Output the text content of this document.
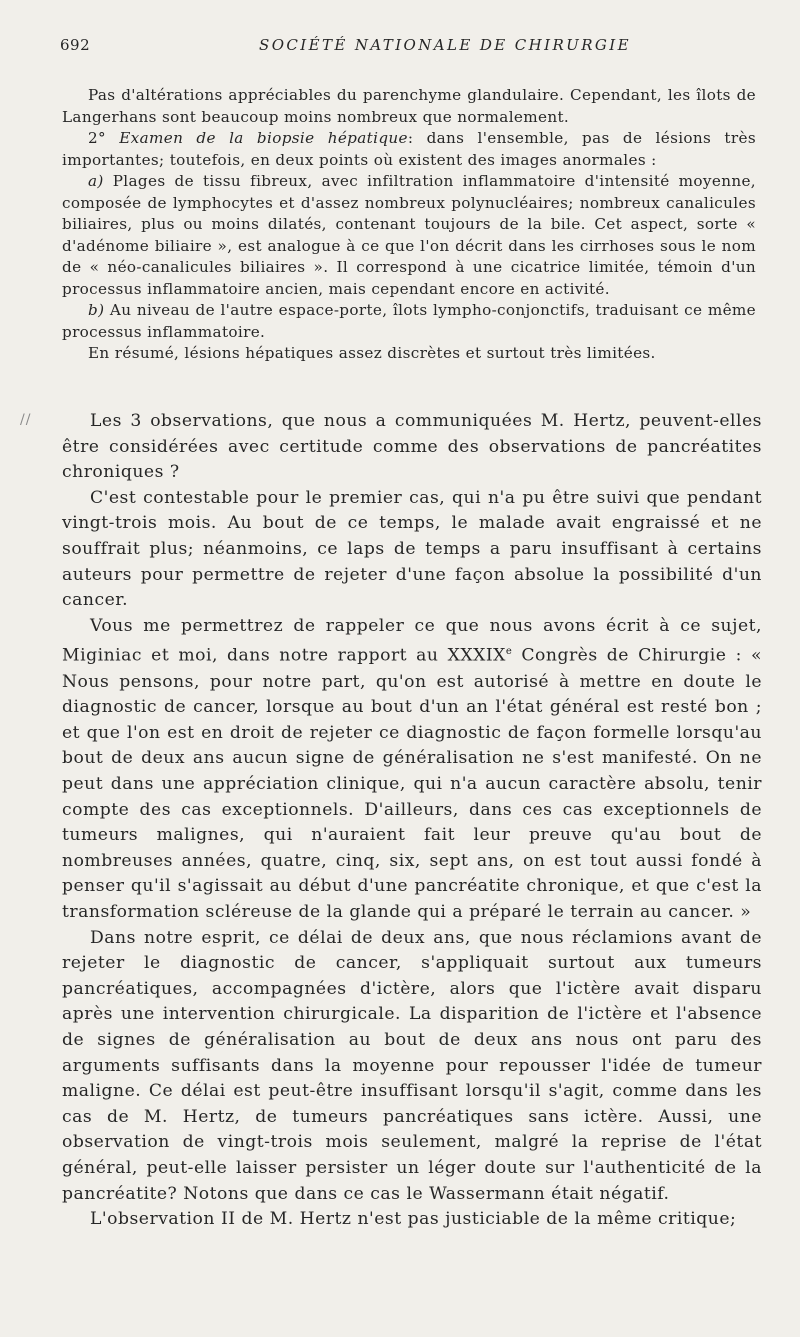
692	SOCIÉTÉ NATIONALE DE CHIRURGIE

Pas d'altérations appréciables du parenchyme glandulaire. Cependant, les îlots de Langerhans sont beaucoup moins nombreux que normalement.

2° Examen de la biopsie hépatique: dans l'ensemble, pas de lésions très importantes; toutefois, en deux points où existent des images anormales :

a) Plages de tissu fibreux, avec infiltration inflammatoire d'intensité moyenne, composée de lymphocytes et d'assez nombreux polynucléaires; nombreux canalicules biliaires, plus ou moins dilatés, contenant toujours de la bile. Cet aspect, sorte « d'adénome biliaire », est analogue à ce que l'on décrit dans les cirrhoses sous le nom de « néo-canalicules biliaires ». Il correspond à une cicatrice limitée, témoin d'un processus inflammatoire ancien, mais cependant encore en activité.

b) Au niveau de l'autre espace-porte, îlots lympho-conjonctifs, traduisant ce même processus inflammatoire.

En résumé, lésions hépatiques assez discrètes et surtout très limitées.

//	Les 3 observations, que nous a communiquées M. Hertz, peuvent-elles être considérées avec certitude comme des observations de pancréatites chroniques ?

C'est contestable pour le premier cas, qui n'a pu être suivi que pendant vingt-trois mois. Au bout de ce temps, le malade avait engraissé et ne souffrait plus; néanmoins, ce laps de temps a paru insuffisant à certains auteurs pour permettre de rejeter d'une façon absolue la possibilité d'un cancer.

Vous me permettrez de rappeler ce que nous avons écrit à ce sujet, Miginiac et moi, dans notre rapport au XXXIXe Congrès de Chirurgie : « Nous pensons, pour notre part, qu'on est autorisé à mettre en doute le diagnostic de cancer, lorsque au bout d'un an l'état général est resté bon ; et que l'on est en droit de rejeter ce diagnostic de façon formelle lorsqu'au bout de deux ans aucun signe de généralisation ne s'est manifesté. On ne peut dans une appréciation clinique, qui n'a aucun caractère absolu, tenir compte des cas exceptionnels. D'ailleurs, dans ces cas exceptionnels de tumeurs malignes, qui n'auraient fait leur preuve qu'au bout de nombreuses années, quatre, cinq, six, sept ans, on est tout aussi fondé à penser qu'il s'agissait au début d'une pancréatite chronique, et que c'est la transformation scléreuse de la glande qui a préparé le terrain au cancer. »

Dans notre esprit, ce délai de deux ans, que nous réclamions avant de rejeter le diagnostic de cancer, s'appliquait surtout aux tumeurs pancréatiques, accompagnées d'ictère, alors que l'ictère avait disparu après une intervention chirurgicale. La disparition de l'ictère et l'absence de signes de généralisation au bout de deux ans nous ont paru des arguments suffisants dans la moyenne pour repousser l'idée de tumeur maligne. Ce délai est peut-être insuffisant lorsqu'il s'agit, comme dans les cas de M. Hertz, de tumeurs pancréatiques sans ictère. Aussi, une observation de vingt-trois mois seulement, malgré la reprise de l'état général, peut-elle laisser persister un léger doute sur l'authenticité de la pancréatite? Notons que dans ce cas le Wassermann était négatif.

L'observation II de M. Hertz n'est pas justiciable de la même critique;
